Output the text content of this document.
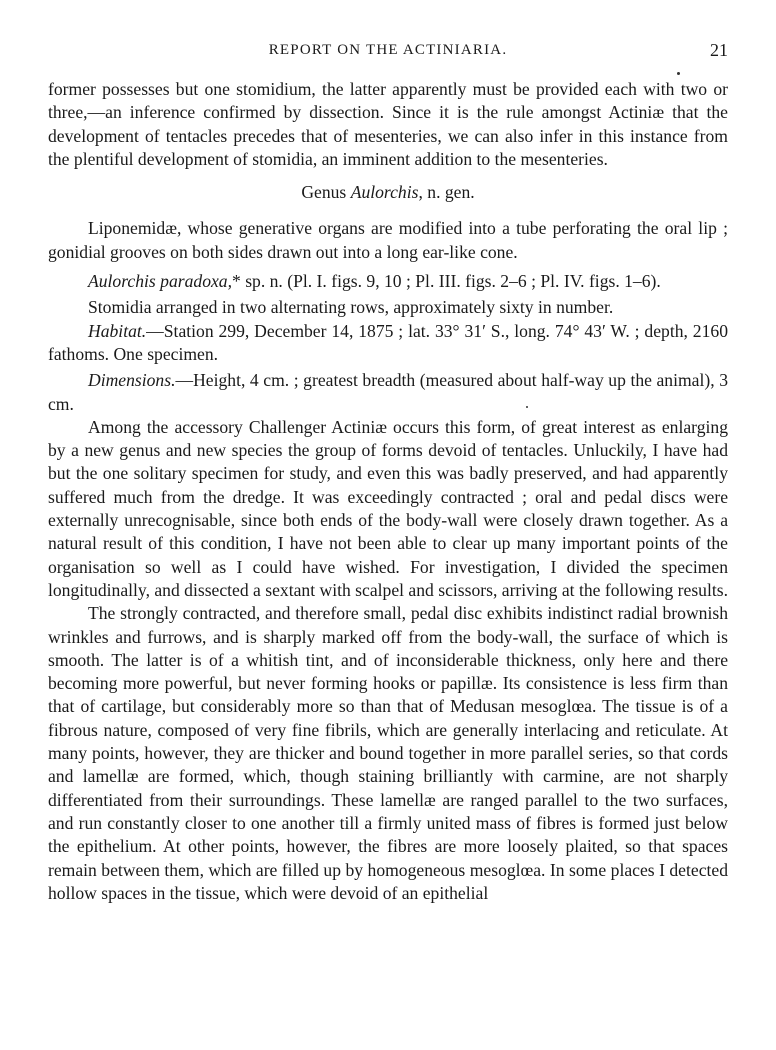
REPORT ON THE ACTINIARIA.	21

former possesses but one stomidium, the latter apparently must be provided each with two or three,—an inference confirmed by dissection. Since it is the rule amongst Actiniæ that the development of tentacles precedes that of mesenteries, we can also infer in this instance from the plentiful development of stomidia, an imminent addition to the mesenteries.

Genus Aulorchis, n. gen.

Liponemidæ, whose generative organs are modified into a tube perforating the oral lip ; gonidial grooves on both sides drawn out into a long ear-like cone.

Aulorchis paradoxa,* sp. n. (Pl. I. figs. 9, 10 ; Pl. III. figs. 2–6 ; Pl. IV. figs. 1–6).

Stomidia arranged in two alternating rows, approximately sixty in number.

Habitat.—Station 299, December 14, 1875 ; lat. 33° 31′ S., long. 74° 43′ W. ; depth, 2160 fathoms. One specimen.

Dimensions.—Height, 4 cm. ; greatest breadth (measured about half-way up the animal), 3 cm.

Among the accessory Challenger Actiniæ occurs this form, of great interest as enlarging by a new genus and new species the group of forms devoid of tentacles. Unluckily, I have had but the one solitary specimen for study, and even this was badly preserved, and had apparently suffered much from the dredge. It was exceedingly contracted ; oral and pedal discs were externally unrecognisable, since both ends of the body-wall were closely drawn together. As a natural result of this condition, I have not been able to clear up many important points of the organisation so well as I could have wished. For investigation, I divided the specimen longitudinally, and dissected a sextant with scalpel and scissors, arriving at the following results.

The strongly contracted, and therefore small, pedal disc exhibits indistinct radial brownish wrinkles and furrows, and is sharply marked off from the body-wall, the surface of which is smooth. The latter is of a whitish tint, and of inconsiderable thickness, only here and there becoming more powerful, but never forming hooks or papillæ. Its consistence is less firm than that of cartilage, but considerably more so than that of Medusan mesoglœa. The tissue is of a fibrous nature, composed of very fine fibrils, which are generally interlacing and reticulate. At many points, however, they are thicker and bound together in more parallel series, so that cords and lamellæ are formed, which, though staining brilliantly with carmine, are not sharply differentiated from their surroundings. These lamellæ are ranged parallel to the two surfaces, and run constantly closer to one another till a firmly united mass of fibres is formed just below the epithelium. At other points, however, the fibres are more loosely plaited, so that spaces remain between them, which are filled up by homogeneous mesoglœa. In some places I detected hollow spaces in the tissue, which were devoid of an epithelial
